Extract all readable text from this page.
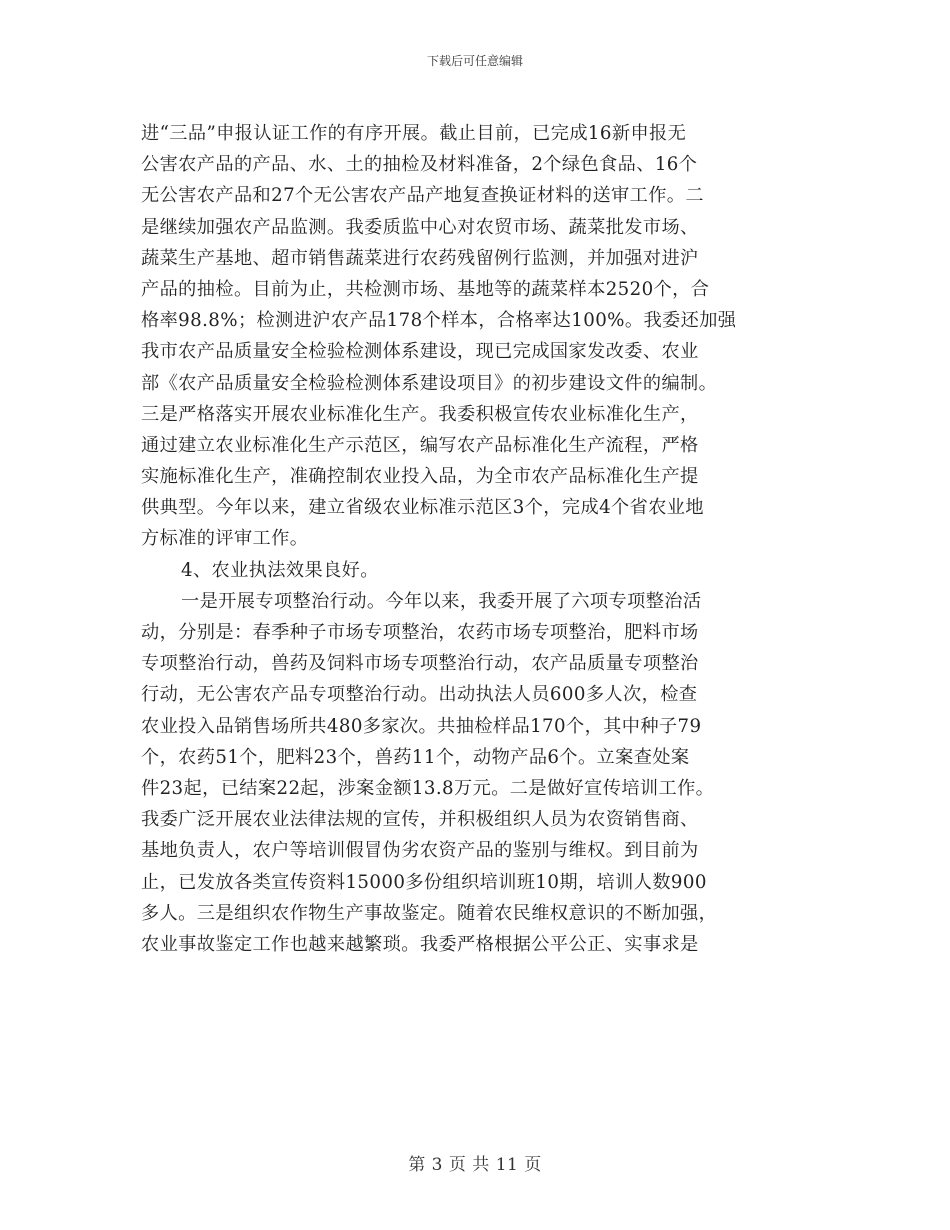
下载后可任意编辑
进“三品”申报认证工作的有序开展。截止目前，已完成16新申报无
公害农产品的产品、水、土的抽检及材料准备，2个绿色食品、16个
无公害农产品和27个无公害农产品产地复查换证材料的送审工作。二
是继续加强农产品监测。我委质监中心对农贸市场、蔬菜批发市场、
蔬菜生产基地、超市销售蔬菜进行农药残留例行监测，并加强对进沪
产品的抽检。目前为止，共检测市场、基地等的蔬菜样本2520个，合
格率98.8%；检测进沪农产品178个样本，合格率达100%。我委还加强
我市农产品质量安全检验检测体系建设，现已完成国家发改委、农业
部《农产品质量安全检验检测体系建设项目》的初步建设文件的编制。
三是严格落实开展农业标准化生产。我委积极宣传农业标准化生产，
通过建立农业标准化生产示范区，编写农产品标准化生产流程，严格
实施标准化生产，准确控制农业投入品，为全市农产品标准化生产提
供典型。今年以来，建立省级农业标准示范区3个，完成4个省农业地
方标准的评审工作。
4、农业执法效果良好。
一是开展专项整治行动。今年以来，我委开展了六项专项整治活
动，分别是：春季种子市场专项整治，农药市场专项整治，肥料市场
专项整治行动，兽药及饲料市场专项整治行动，农产品质量专项整治
行动，无公害农产品专项整治行动。出动执法人员600多人次，检查
农业投入品销售场所共480多家次。共抽检样品170个，其中种子79
个，农药51个，肥料23个，兽药11个，动物产品6个。立案查处案
件23起，已结案22起，涉案金额13.8万元。二是做好宣传培训工作。
我委广泛开展农业法律法规的宣传，并积极组织人员为农资销售商、
基地负责人，农户等培训假冒伪劣农资产品的鉴别与维权。到目前为
止，已发放各类宣传资料15000多份组织培训班10期，培训人数900
多人。三是组织农作物生产事故鉴定。随着农民维权意识的不断加强，
农业事故鉴定工作也越来越繁琐。我委严格根据公平公正、实事求是
第 3 页 共 11 页
